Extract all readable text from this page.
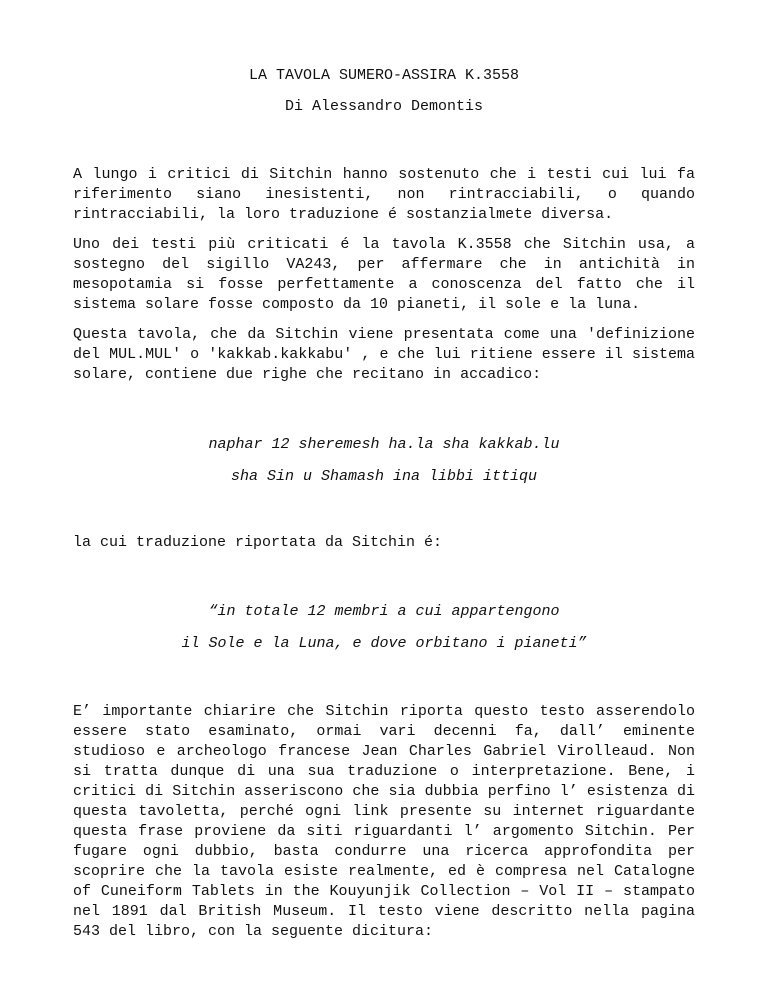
LA TAVOLA SUMERO-ASSIRA K.3558

Di Alessandro Demontis

A lungo i critici di Sitchin hanno sostenuto che i testi cui lui fa riferimento siano inesistenti, non rintracciabili, o quando rintracciabili, la loro traduzione é sostanzialmete diversa.

Uno dei testi più criticati é la tavola K.3558 che Sitchin usa, a sostegno del sigillo VA243, per affermare che in antichità in mesopotamia si fosse perfettamente a conoscenza del fatto che il sistema solare fosse composto da 10 pianeti, il sole e la luna.

Questa tavola, che da Sitchin viene presentata come una 'definizione del MUL.MUL' o 'kakkab.kakkabu' , e che lui ritiene essere il sistema solare, contiene due righe che recitano in accadico:

naphar 12 sheremesh ha.la sha kakkab.lu

sha Sin u Shamash ina libbi ittiqu

la cui traduzione riportata da Sitchin é:

“in totale 12 membri a cui appartengono

il Sole e la Luna, e dove orbitano i pianeti”

E’ importante chiarire che Sitchin riporta questo testo asserendolo essere stato esaminato, ormai vari decenni fa, dall’ eminente studioso e archeologo francese Jean Charles Gabriel Virolleaud. Non si tratta dunque di una sua traduzione o interpretazione. Bene, i critici di Sitchin asseriscono che sia dubbia perfino l’ esistenza di questa tavoletta, perché ogni link presente su internet riguardante questa frase proviene da siti riguardanti l’ argomento Sitchin. Per fugare ogni dubbio, basta condurre una ricerca approfondita per scoprire che la tavola esiste realmente, ed è compresa nel Catalogne of Cuneiform Tablets in the Kouyunjik Collection – Vol II – stampato nel 1891 dal British Museum. Il testo viene descritto nella pagina 543 del libro, con la seguente dicitura:
